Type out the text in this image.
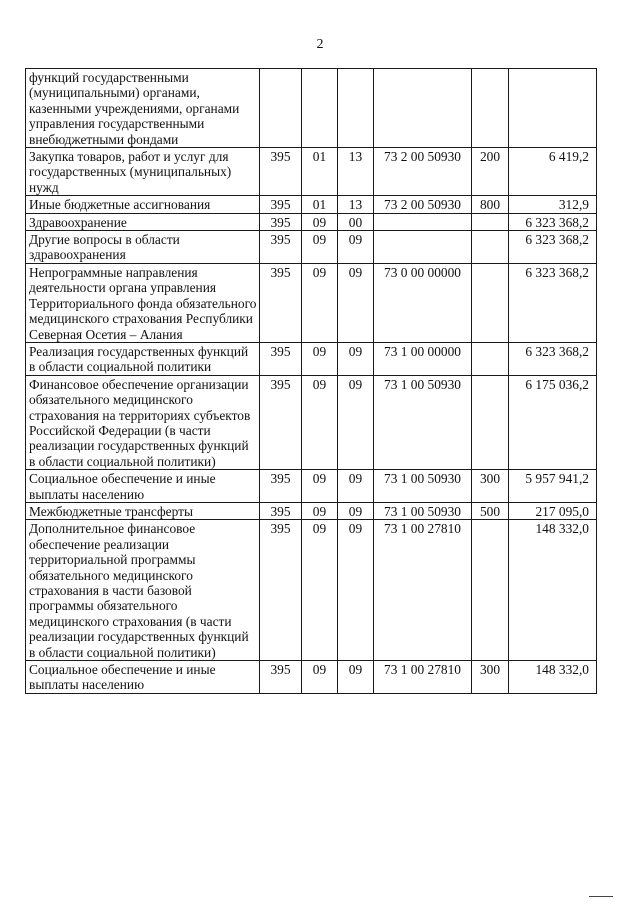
2
функций государственными (муниципальными) органами, казенными учреждениями, органами управления государственными внебюджетными фондами						
Закупка товаров, работ и услуг для государственных (муниципальных) нужд	395	01	13	73 2 00 50930	200	6 419,2
Иные бюджетные ассигнования	395	01	13	73 2 00 50930	800	312,9
Здравоохранение	395	09	00			6 323 368,2
Другие вопросы в области здравоохранения	395	09	09			6 323 368,2
Непрограммные направления деятельности органа управления Территориального фонда обязательного медицинского страхования Республики Северная Осетия – Алания	395	09	09	73 0 00 00000		6 323 368,2
Реализация государственных функций в области социальной политики	395	09	09	73 1 00 00000		6 323 368,2
Финансовое обеспечение организации обязательного медицинского страхования на территориях субъектов Российской Федерации (в части реализации государственных функций в области социальной политики)	395	09	09	73 1 00 50930		6 175 036,2
Социальное обеспечение и иные выплаты населению	395	09	09	73 1 00 50930	300	5 957 941,2
Межбюджетные трансферты	395	09	09	73 1 00 50930	500	217 095,0
Дополнительное финансовое обеспечение реализации территориальной программы обязательного медицинского страхования в части базовой программы обязательного медицинского страхования (в части реализации государственных функций в области социальной политики)	395	09	09	73 1 00 27810		148 332,0
Социальное обеспечение и иные выплаты населению	395	09	09	73 1 00 27810	300	148 332,0
